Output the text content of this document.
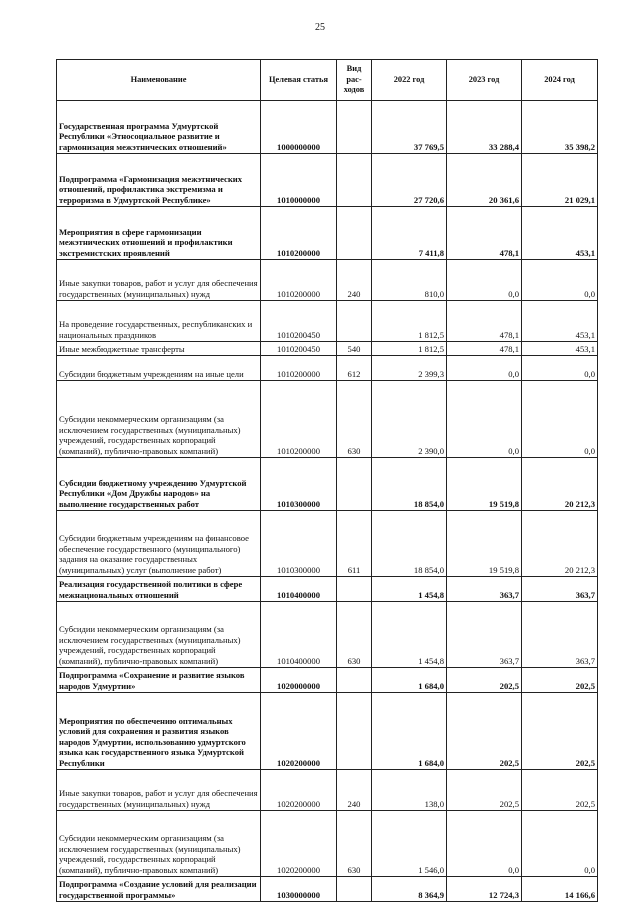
25
Наименование	Целевая статья	Вид рас-ходов	2022 год	2023 год	2024 год
Государственная программа Удмуртской Республики «Этносоциальное развитие и гармонизация межэтнических отношений»	1000000000		37 769,5	33 288,4	35 398,2
Подпрограмма «Гармонизация межэтнических отношений, профилактика экстремизма и терроризма в Удмуртской Республике»	1010000000		27 720,6	20 361,6	21 029,1
Мероприятия в сфере гармонизации межэтнических отношений и профилактики экстремистских проявлений	1010200000		7 411,8	478,1	453,1
Иные закупки товаров, работ и услуг для обеспечения государственных (муниципальных) нужд	1010200000	240	810,0	0,0	0,0
На проведение государственных, республиканских и национальных праздников	1010200450		1 812,5	478,1	453,1
Иные межбюджетные трансферты	1010200450	540	1 812,5	478,1	453,1
Субсидии бюджетным учреждениям на иные цели	1010200000	612	2 399,3	0,0	0,0
Субсидии некоммерческим организациям (за исключением государственных (муниципальных) учреждений, государственных корпораций (компаний), публично-правовых компаний)	1010200000	630	2 390,0	0,0	0,0
Субсидии бюджетному учреждению Удмуртской Республики «Дом Дружбы народов» на выполнение государственных работ	1010300000		18 854,0	19 519,8	20 212,3
Субсидии бюджетным учреждениям на финансовое обеспечение государственного (муниципального) задания на оказание государственных (муниципальных) услуг (выполнение работ)	1010300000	611	18 854,0	19 519,8	20 212,3
Реализация государственной политики в сфере межнациональных отношений	1010400000		1 454,8	363,7	363,7
Субсидии некоммерческим организациям (за исключением государственных (муниципальных) учреждений, государственных корпораций (компаний), публично-правовых компаний)	1010400000	630	1 454,8	363,7	363,7
Подпрограмма «Сохранение и развитие языков народов Удмуртии»	1020000000		1 684,0	202,5	202,5
Мероприятия по обеспечению оптимальных условий для сохранения и развития языков народов Удмуртии, использованию удмуртского языка как государственного языка Удмуртской Республики	1020200000		1 684,0	202,5	202,5
Иные закупки товаров, работ и услуг для обеспечения государственных (муниципальных) нужд	1020200000	240	138,0	202,5	202,5
Субсидии некоммерческим организациям (за исключением государственных (муниципальных) учреждений, государственных корпораций (компаний), публично-правовых компаний)	1020200000	630	1 546,0	0,0	0,0
Подпрограмма «Создание условий для реализации государственной программы»	1030000000		8 364,9	12 724,3	14 166,6
